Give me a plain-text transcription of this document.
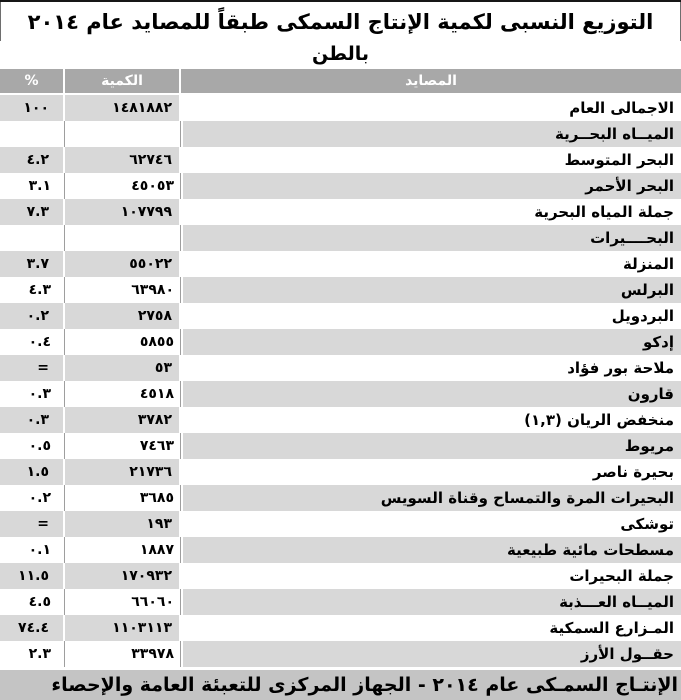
التوزيع النسبى لكمية الإنتاج السمكى طبقاً للمصايد عام ٢٠١٤
بالطن
المصايد	الكمية	%
الاجمالى العام	١٤٨١٨٨٢	١٠٠
الميــاه البحــرية		
البحر المتوسط	٦٢٧٤٦	٤.٢
البحر الأحمر	٤٥٠٥٣	٣.١
جملة المياه البحرية	١٠٧٧٩٩	٧.٣
البحــــيرات		
المنزلة	٥٥٠٢٢	٣.٧
البرلس	٦٣٩٨٠	٤.٣
البردويل	٢٧٥٨	٠.٢
إدكو	٥٨٥٥	٠.٤
ملاحة بور فؤاد	٥٣	=
قارون	٤٥١٨	٠.٣
منخفض الريان (١,٣)	٣٧٨٢	٠.٣
مريوط	٧٤٦٣	٠.٥
بحيرة ناصر	٢١٧٣٦	١.٥
البحيرات المرة والتمساح وقناة السويس	٣٦٨٥	٠.٢
توشكى	١٩٣	=
مسطحات مائية طبيعية	١٨٨٧	٠.١
جملة البحيرات	١٧٠٩٣٢	١١.٥
الميــاه العـــذبة	٦٦٠٦٠	٤.٥
المـزارع السمكية	١١٠٣١١٣	٧٤.٤
حقــول الأرز	٣٣٩٧٨	٢.٣
الإنتـاج السمـكى عام ٢٠١٤ - الجهاز المركزى للتعبئة العامة والإحصاء
